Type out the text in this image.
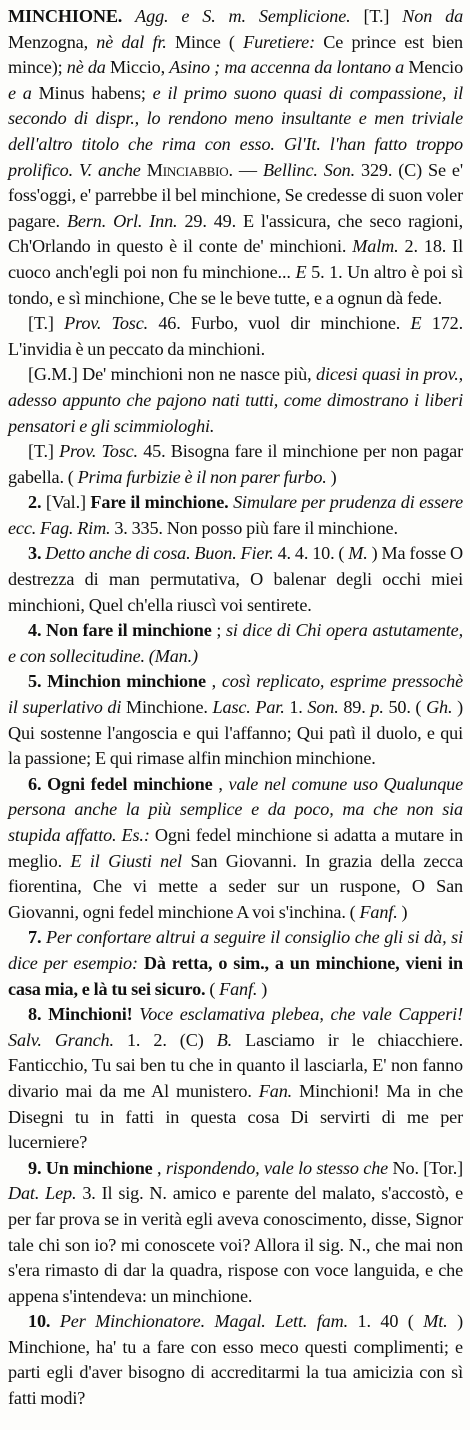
MINCHIONE. Agg. e S. m. Semplicione. [T.] Non da Menzogna, nè dal fr. Mince ( Furetiere: Ce prince est bien mince); nè da Miccio, Asino ; ma accenna da lontano a Mencio e a Minus habens; e il primo suono quasi di compassione, il secondo di dispr., lo rendono meno insultante e men triviale dell'altro titolo che rima con esso. Gl'It. l'han fatto troppo prolifico. V. anche Minciabbio. — Bellinc. Son. 329. (C) Se e' foss'oggi, e' parrebbe il bel minchione, Se credesse di suon voler pagare. Bern. Orl. Inn. 29. 49. E l'assicura, che seco ragioni, Ch'Orlando in questo è il conte de' minchioni. Malm. 2. 18. Il cuoco anch'egli poi non fu minchione... E 5. 1. Un altro è poi sì tondo, e sì minchione, Che se le beve tutte, e a ognun dà fede.

[T.] Prov. Tosc. 46. Furbo, vuol dir minchione. E 172. L'invidia è un peccato da minchioni.

[G.M.] De' minchioni non ne nasce più, dicesi quasi in prov., adesso appunto che pajono nati tutti, come dimostrano i liberi pensatori e gli scimmiologhi.

[T.] Prov. Tosc. 45. Bisogna fare il minchione per non pagar gabella. ( Prima furbizie è il non parer furbo. )

2. [Val.] Fare il minchione. Simulare per prudenza di essere ecc. Fag. Rim. 3. 335. Non posso più fare il minchione.

3. Detto anche di cosa. Buon. Fier. 4. 4. 10. ( M. ) Ma fosse O destrezza di man permutativa, O balenar degli occhi miei minchioni, Quel ch'ella riuscì voi sentirete.

4. Non fare il minchione ; si dice di Chi opera astutamente, e con sollecitudine. (Man.)

5. Minchion minchione , così replicato, esprime pressochè il superlativo di Minchione. Lasc. Par. 1. Son. 89. p. 50. ( Gh. ) Qui sostenne l'angoscia e qui l'affanno; Qui patì il duolo, e qui la passione; E qui rimase alfin minchion minchione.

6. Ogni fedel minchione , vale nel comune uso Qualunque persona anche la più semplice e da poco, ma che non sia stupida affatto. Es.: Ogni fedel minchione si adatta a mutare in meglio. E il Giusti nel San Giovanni. In grazia della zecca fiorentina, Che vi mette a seder sur un ruspone, O San Giovanni, ogni fedel minchione A voi s'inchina. ( Fanf. )

7. Per confortare altrui a seguire il consiglio che gli si dà, si dice per esempio: Dà retta, o sim., a un minchione, vieni in casa mia, e là tu sei sicuro. ( Fanf. )

8. Minchioni! Voce esclamativa plebea, che vale Capperi! Salv. Granch. 1. 2. (C) B. Lasciamo ir le chiacchiere. Fanticchio, Tu sai ben tu che in quanto il lasciarla, E' non fanno divario mai da me Al munistero. Fan. Minchioni! Ma in che Disegni tu in fatti in questa cosa Di servirti di me per lucerniere?

9. Un minchione , rispondendo, vale lo stesso che No. [Tor.] Dat. Lep. 3. Il sig. N. amico e parente del malato, s'accostò, e per far prova se in verità egli aveva conoscimento, disse, Signor tale chi son io? mi conoscete voi? Allora il sig. N., che mai non s'era rimasto di dar la quadra, rispose con voce languida, e che appena s'intendeva: un minchione.

10. Per Minchionatore. Magal. Lett. fam. 1. 40 ( Mt. ) Minchione, ha' tu a fare con esso meco questi complimenti; e parti egli d'aver bisogno di accreditarmi la tua amicizia con sì fatti modi?
